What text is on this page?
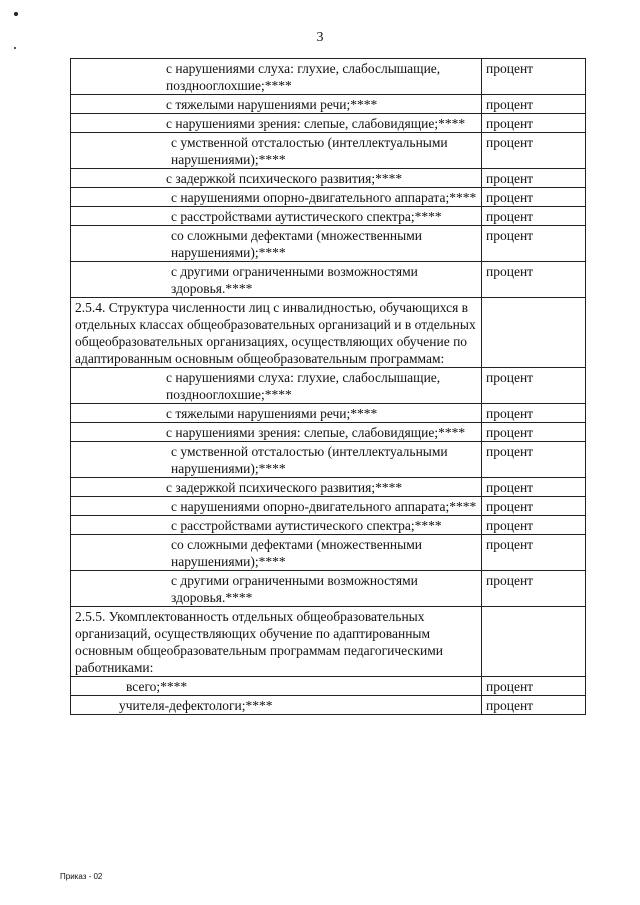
3
с нарушениями слуха: глухие, слабослышащие, позднооглохшие;****	процент
с тяжелыми нарушениями речи;****	процент
с нарушениями зрения: слепые, слабовидящие;****	процент
с умственной отсталостью (интеллектуальными нарушениями);****	процент
с задержкой психического развития;****	процент
с нарушениями опорно-двигательного аппарата;****	процент
с расстройствами аутистического спектра;****	процент
со сложными дефектами (множественными нарушениями);****	процент
с другими ограниченными возможностями здоровья.****	процент
2.5.4. Структура численности лиц с инвалидностью, обучающихся в отдельных классах общеобразовательных организаций и в отдельных общеобразовательных организациях, осуществляющих обучение по адаптированным основным общеобразовательным программам:	
с нарушениями слуха: глухие, слабослышащие, позднооглохшие;****	процент
с тяжелыми нарушениями речи;****	процент
с нарушениями зрения: слепые, слабовидящие;****	процент
с умственной отсталостью (интеллектуальными нарушениями);****	процент
с задержкой психического развития;****	процент
с нарушениями опорно-двигательного аппарата;****	процент
с расстройствами аутистического спектра;****	процент
со сложными дефектами (множественными нарушениями);****	процент
с другими ограниченными возможностями здоровья.****	процент
2.5.5. Укомплектованность отдельных общеобразовательных организаций, осуществляющих обучение по адаптированным основным общеобразовательным программам педагогическими работниками:	
всего;****	процент
учителя-дефектологи;****	процент
Приказ - 02
